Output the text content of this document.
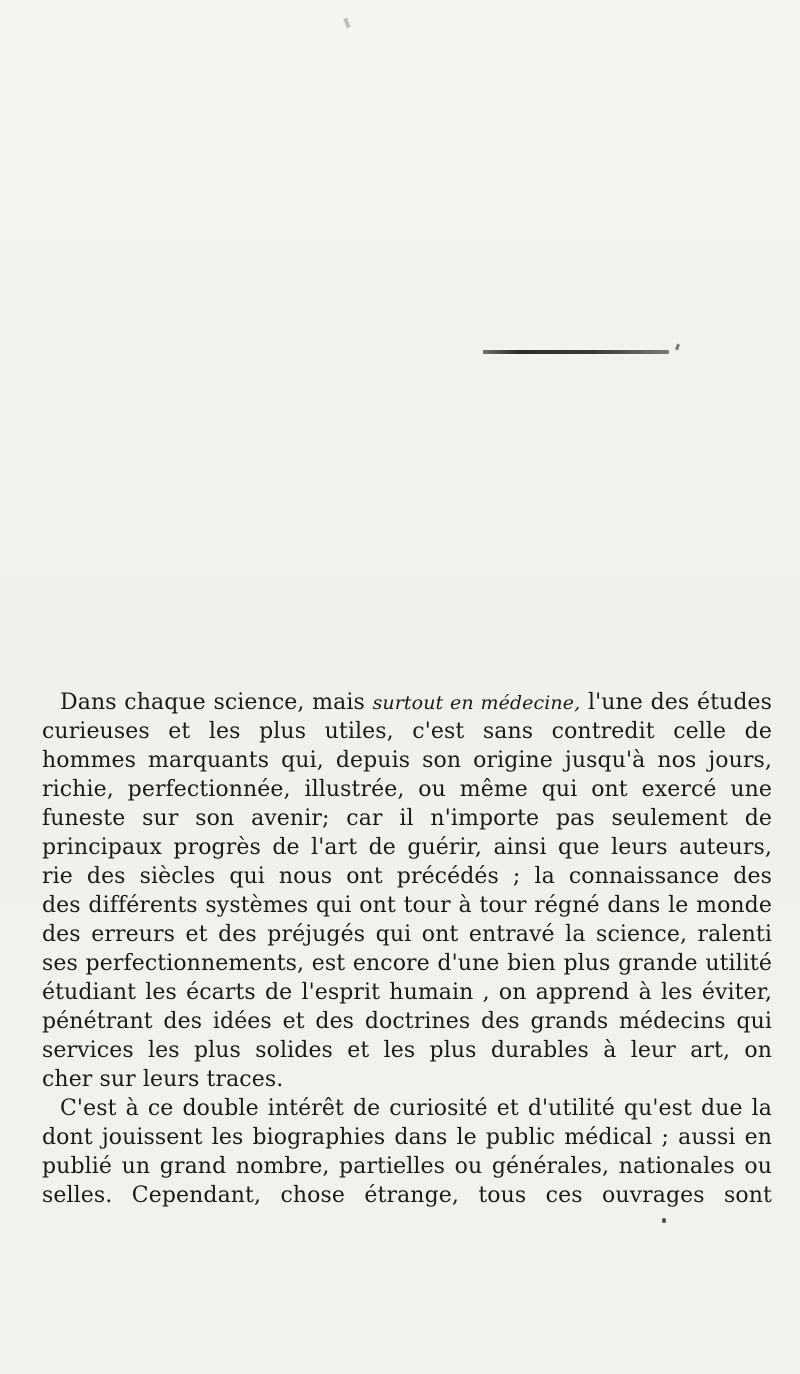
Dans chaque science, mais surtout en médecine, l'une des études
curieuses et les plus utiles, c'est sans contredit celle de
hommes marquants qui, depuis son origine jusqu'à nos jours,
richie, perfectionnée, illustrée, ou même qui ont exercé une
funeste sur son avenir; car il n'importe pas seulement de
principaux progrès de l'art de guérir, ainsi que leurs auteurs,
rie des siècles qui nous ont précédés ; la connaissance des
des différents systèmes qui ont tour à tour régné dans le monde
des erreurs et des préjugés qui ont entravé la science, ralenti
ses perfectionnements, est encore d'une bien plus grande utilité
étudiant les écarts de l'esprit humain , on apprend à les éviter,
pénétrant des idées et des doctrines des grands médecins qui
services les plus solides et les plus durables à leur art, on
cher sur leurs traces.
C'est à ce double intérêt de curiosité et d'utilité qu'est due la
dont jouissent les biographies dans le public médical ; aussi en
publié un grand nombre, partielles ou générales, nationales ou
selles. Cependant, chose étrange, tous ces ouvrages sont
